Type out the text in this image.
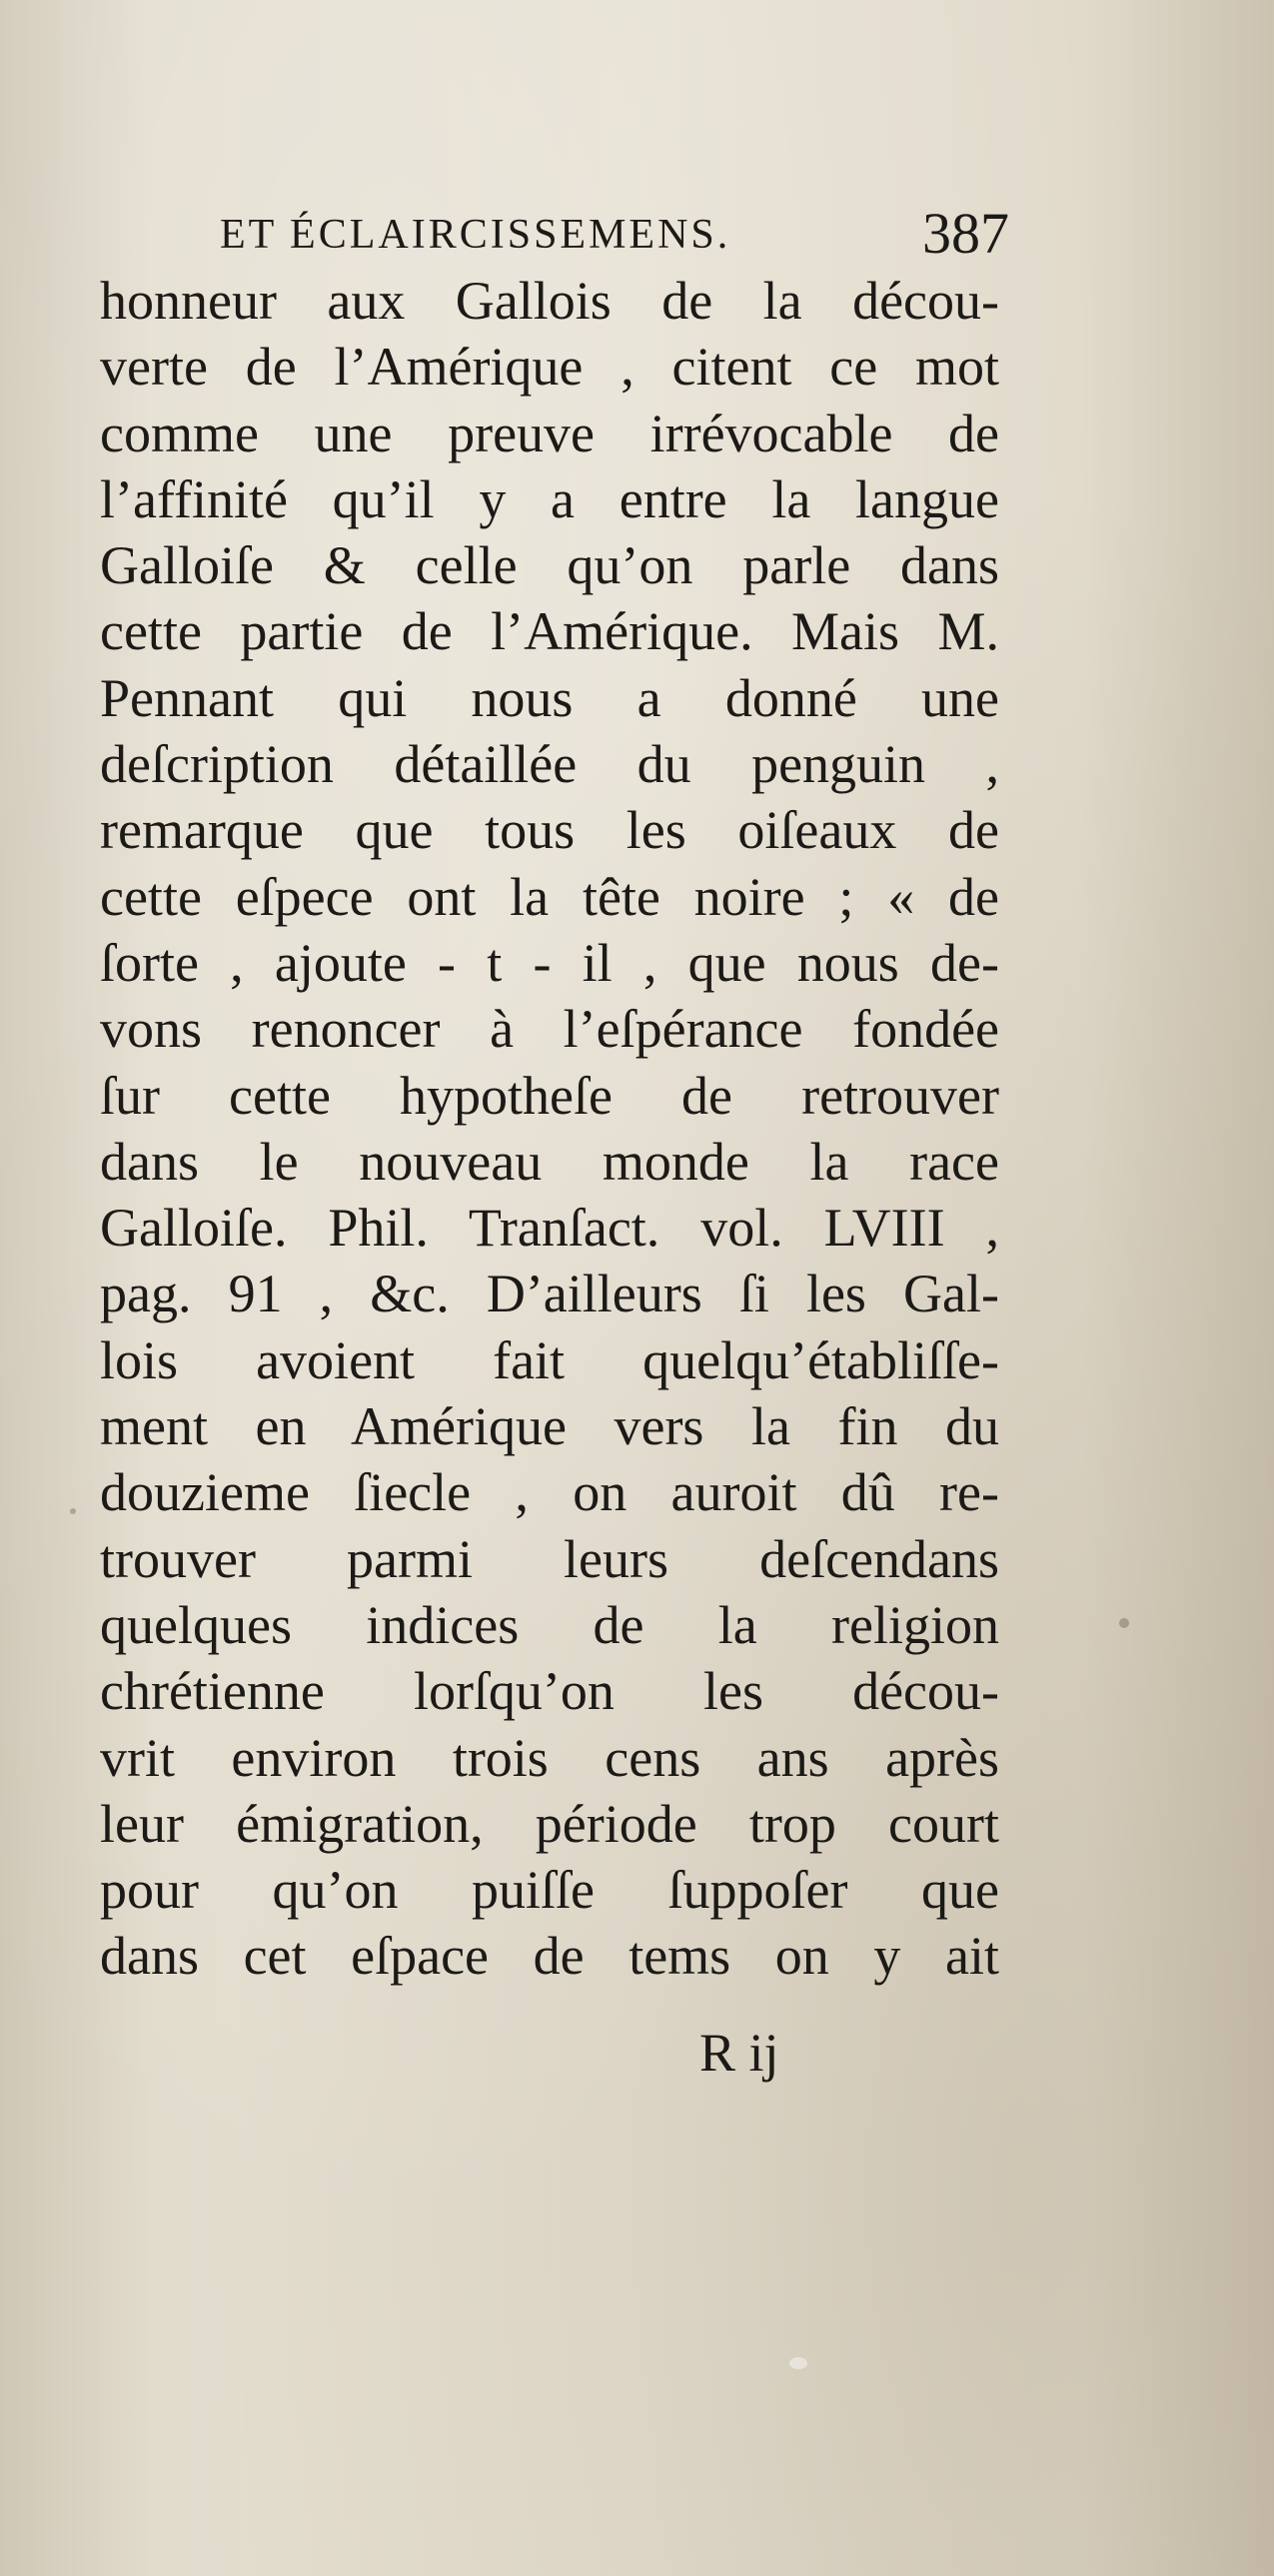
ET ÉCLAIRCISSEMENS.	387
honneur aux Gallois de la décou-
verte de l’Amérique , citent ce mot
comme une preuve irrévocable de
l’affinité qu’il y a entre la langue
Galloiſe & celle qu’on parle dans
cette partie de l’Amérique. Mais M.
Pennant qui nous a donné une
deſcription détaillée du penguin ,
remarque que tous les oiſeaux de
cette eſpece ont la tête noire ; « de
ſorte , ajoute - t - il , que nous de-
vons renoncer à l’eſpérance fondée
ſur cette hypotheſe de retrouver
dans le nouveau monde la race
Galloiſe. Phil. Tranſact. vol. LVIII ,
pag. 91 , &c. D’ailleurs ſi les Gal-
lois avoient fait quelqu’établiſſe-
ment en Amérique vers la fin du
douzieme ſiecle , on auroit dû re-
trouver parmi leurs deſcendans
quelques indices de la religion
chrétienne lorſqu’on les décou-
vrit environ trois cens ans après
leur émigration, période trop court
pour qu’on puiſſe ſuppoſer que
dans cet eſpace de tems on y ait
R ij
